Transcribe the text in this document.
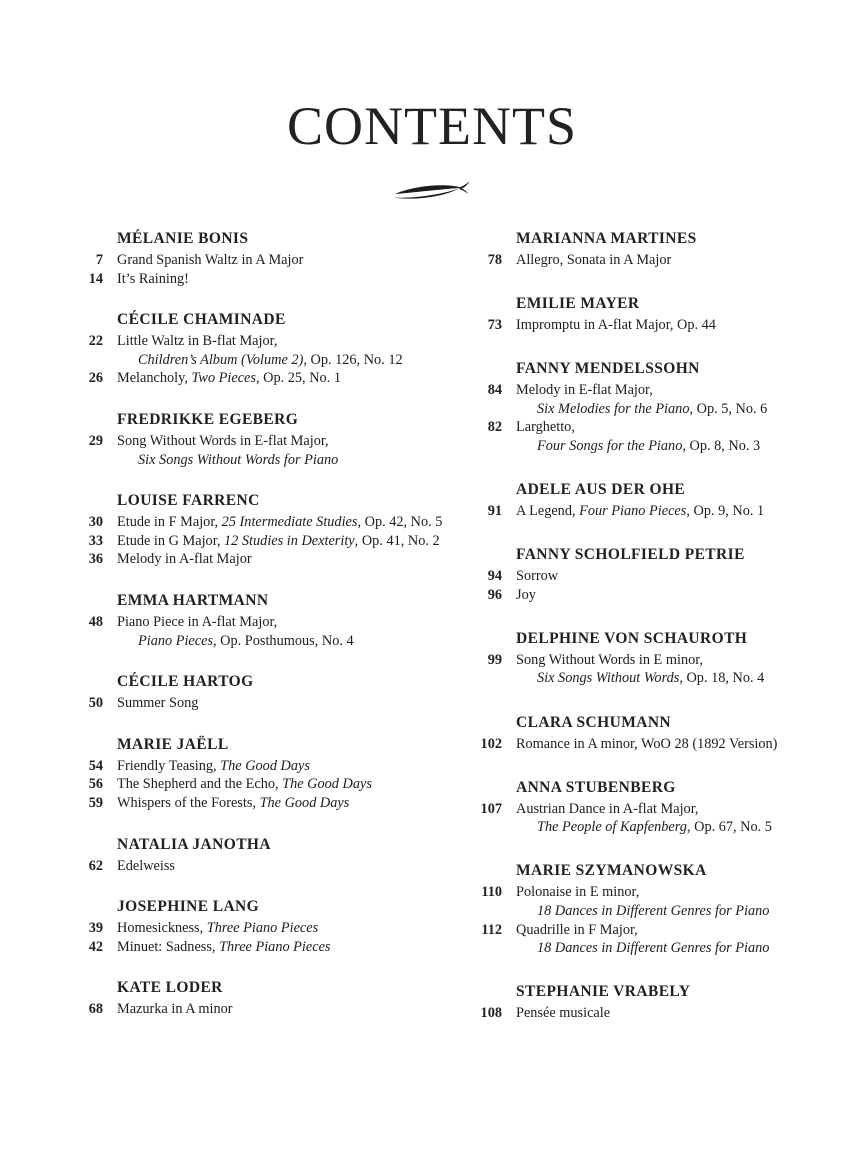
CONTENTS
MÉLANIE BONIS
7 Grand Spanish Waltz in A Major
14 It’s Raining!
CÉCILE CHAMINADE
22 Little Waltz in B-flat Major,
Children’s Album (Volume 2), Op. 126, No. 12
26 Melancholy, Two Pieces, Op. 25, No. 1
FREDRIKKE EGEBERG
29 Song Without Words in E-flat Major,
Six Songs Without Words for Piano
LOUISE FARRENC
30 Etude in F Major, 25 Intermediate Studies, Op. 42, No. 5
33 Etude in G Major, 12 Studies in Dexterity, Op. 41, No. 2
36 Melody in A-flat Major
EMMA HARTMANN
48 Piano Piece in A-flat Major,
Piano Pieces, Op. Posthumous, No. 4
CÉCILE HARTOG
50 Summer Song
MARIE JAËLL
54 Friendly Teasing, The Good Days
56 The Shepherd and the Echo, The Good Days
59 Whispers of the Forests, The Good Days
NATALIA JANOTHA
62 Edelweiss
JOSEPHINE LANG
39 Homesickness, Three Piano Pieces
42 Minuet: Sadness, Three Piano Pieces
KATE LODER
68 Mazurka in A minor
MARIANNA MARTINES
78 Allegro, Sonata in A Major
EMILIE MAYER
73 Impromptu in A-flat Major, Op. 44
FANNY MENDELSSOHN
84 Melody in E-flat Major,
Six Melodies for the Piano, Op. 5, No. 6
82 Larghetto,
Four Songs for the Piano, Op. 8, No. 3
ADELE AUS DER OHE
91 A Legend, Four Piano Pieces, Op. 9, No. 1
FANNY SCHOLFIELD PETRIE
94 Sorrow
96 Joy
DELPHINE VON SCHAUROTH
99 Song Without Words in E minor,
Six Songs Without Words, Op. 18, No. 4
CLARA SCHUMANN
102 Romance in A minor, WoO 28 (1892 Version)
ANNA STUBENBERG
107 Austrian Dance in A-flat Major,
The People of Kapfenberg, Op. 67, No. 5
MARIE SZYMANOWSKA
110 Polonaise in E minor,
18 Dances in Different Genres for Piano
112 Quadrille in F Major,
18 Dances in Different Genres for Piano
STEPHANIE VRABELY
108 Pensée musicale
